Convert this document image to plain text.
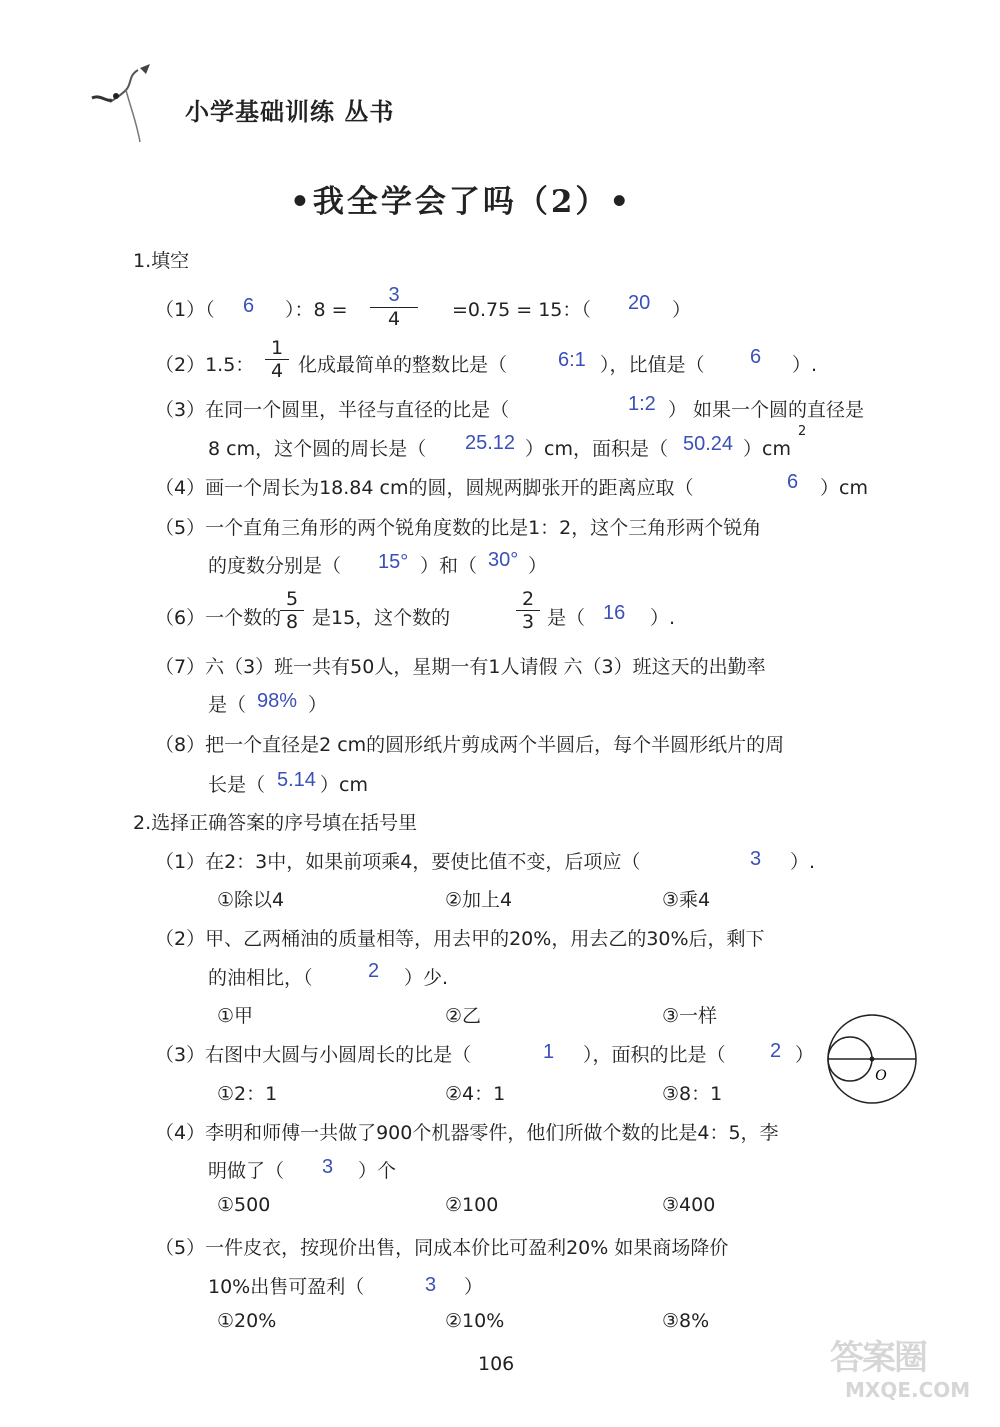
小学基础训练 丛书
•我全学会了吗（2）•
1.填空
（1）（ 6 ）：$8 = \frac{3}{4} =0.75 = 15$：（ 20 ）
（2）1.5： $\frac{1}{4}$ 化成最简单的整数比是（	6:1 ），比值是（ 6 ）.
（3）在同一个圆里，半径与直径的比是（	1:2 ） 如果一个圆的直径是
8 cm，这个圆的周长是（ 25.12 ）cm，面积是（ 50.24 ）cm
2
（4）画一个周长为18.84 cm的圆，圆规两脚张开的距离应取（	6 ）cm
（5）一个直角三角形的两个锐角度数的比是1：2，这个三角形两个锐角
的度数分别是（ 15° ）和（ 30° ）
（6）一个数的
$\frac{5}{8}$ 是15，这个数的	$\frac{2}{3}$ 是（ 16 ）.
（7）六（3）班一共有50人，星期一有1人请假 六（3）班这天的出勤率
是（ 98% ）
（8）把一个直径是2 cm的圆形纸片剪成两个半圆后，每个半圆形纸片的周
长是（ 5.14 ）cm
2.选择正确答案的序号填在括号里
（1）在2：3中，如果前项乘4，要使比值不变，后项应（	3 ）.
①除以4	②加上4	③乘4
（2）甲、乙两桶油的质量相等，用去甲的20%，用去乙的30%后，剩下
的油相比，（	2 ）少.
①甲	②乙	③一样
（3）右图中大圆与小圆周长的比是（	1 ），面积的比是（ 2 ）
①2：1	②4：1	③8：1
O
（4）李明和师傅一共做了900个机器零件，他们所做个数的比是4：5，李
明做了（ 3 ）个
①500	②100	③400
（5）一件皮衣，按现价出售，同成本价比可盈利20% 如果商场降价
10%出售可盈利（	3 ）
①20%	②10%	③8%
106	答案圈
MXQE.COM
